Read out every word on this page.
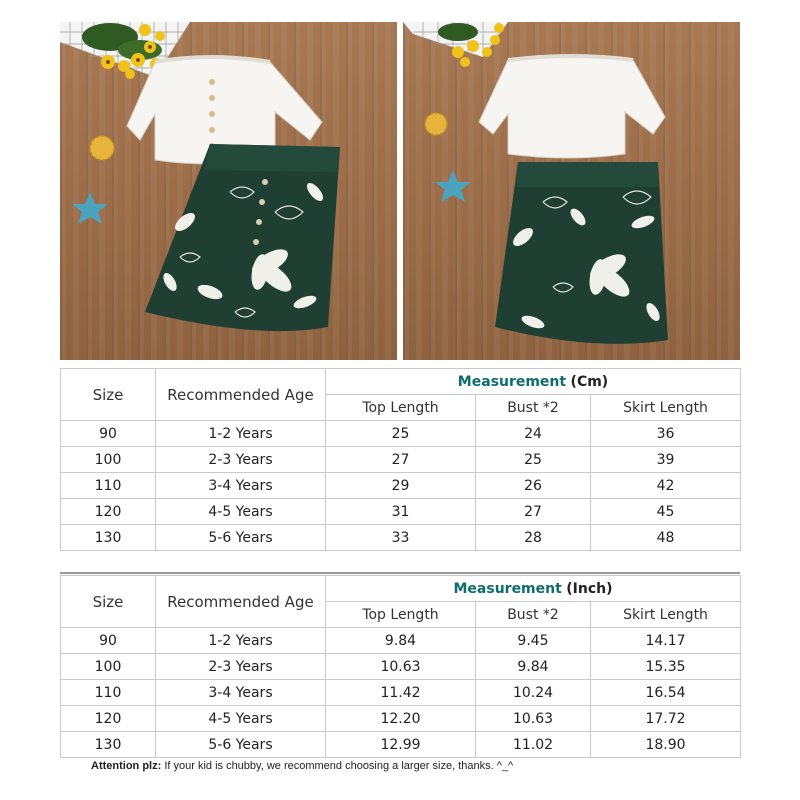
Size	Recommended Age	Measurement (Cm)		
		Top Length	Bust *2	Skirt Length
90	1-2 Years	25	24	36
100	2-3 Years	27	25	39
110	3-4 Years	29	26	42
120	4-5 Years	31	27	45
130	5-6 Years	33	28	48

Size	Recommended Age	Measurement (Inch)		
		Top Length	Bust *2	Skirt Length
90	1-2 Years	9.84	9.45	14.17
100	2-3 Years	10.63	9.84	15.35
110	3-4 Years	11.42	10.24	16.54
120	4-5 Years	12.20	10.63	17.72
130	5-6 Years	12.99	11.02	18.90
Attention plz: If your kid is chubby, we recommend choosing a larger size, thanks. ^_^
